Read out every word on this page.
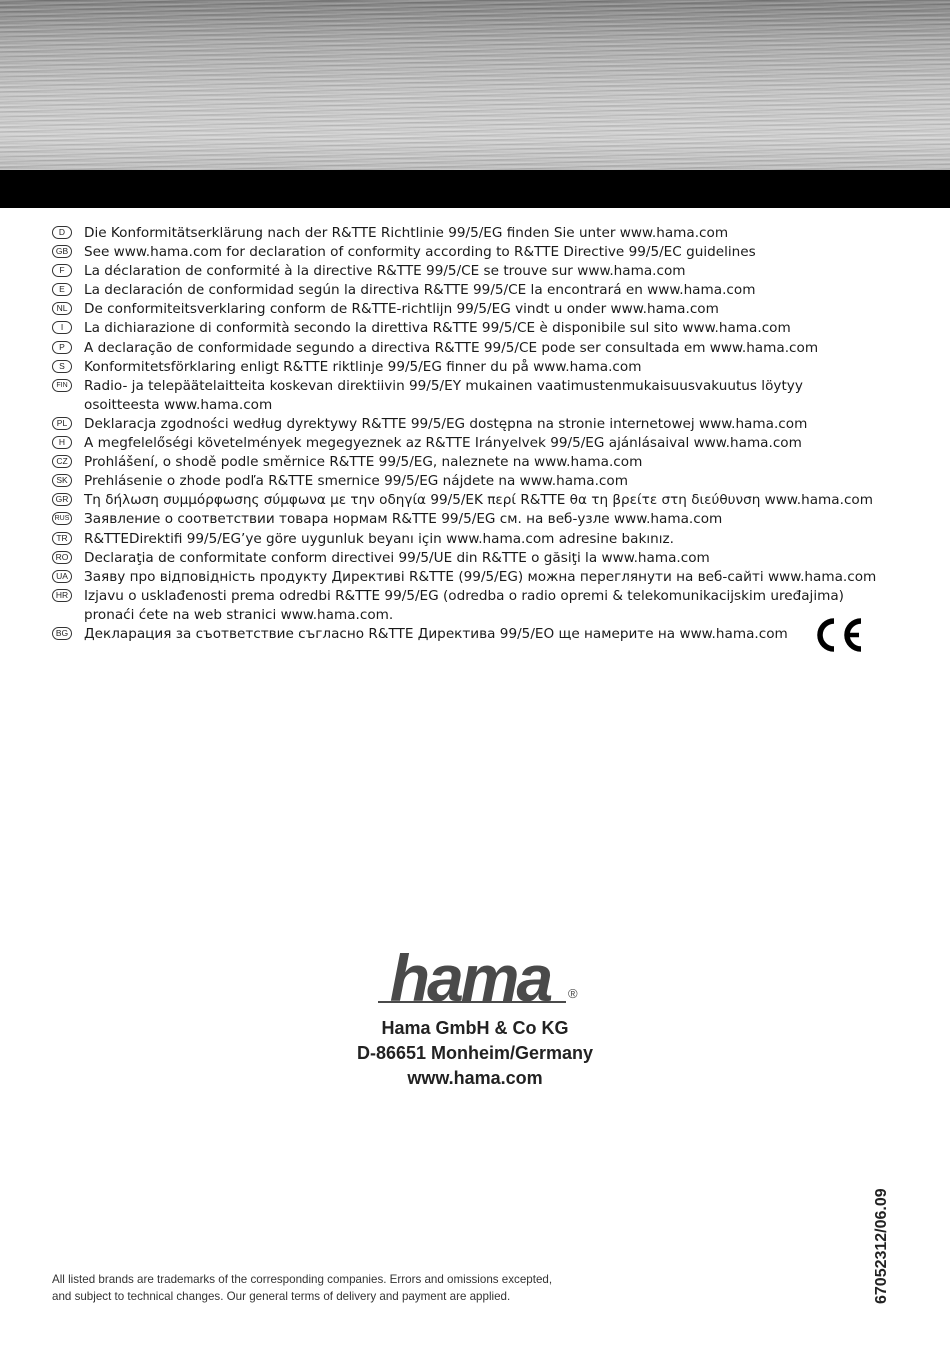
D	Die Konformitätserklärung nach der R&TTE Richtlinie 99/5/EG finden Sie unter www.hama.com
GB See www.hama.com for declaration of conformity according to R&TTE Directive 99/5/EC guidelines
F	La déclaration de conformité à la directive R&TTE 99/5/CE se trouve sur www.hama.com
E	La declaración de conformidad según la directiva R&TTE 99/5/CE la encontrará en www.hama.com
NL	De conformiteitsverklaring conform de R&TTE-richtlijn 99/5/EG vindt u onder www.hama.com
I	La dichiarazione di conformità secondo la direttiva R&TTE 99/5/CE è disponibile sul sito www.hama.com
P	A declaração de conformidade segundo a directiva R&TTE 99/5/CE pode ser consultada em www.hama.com
S	Konformitetsförklaring enligt R&TTE riktlinje 99/5/EG finner du på www.hama.com
FIN	Radio- ja telepäätelaitteita koskevan direktiivin 99/5/EY mukainen vaatimustenmukaisuusvakuutus löytyy osoitteesta www.hama.com
PL	Deklaracja zgodności według dyrektywy R&TTE 99/5/EG dostępna na stronie internetowej www.hama.com
H	A megfelelőségi követelmények megegyeznek az R&TTE Irányelvek 99/5/EG ajánlásaival www.hama.com
CZ	Prohlášení, o shodě podle směrnice R&TTE 99/5/EG, naleznete na www.hama.com
SK	Prehlásenie o zhode podľa R&TTE smernice 99/5/EG nájdete na www.hama.com
GR Tη δήλωση συμμόρφωσης σύμφωνα με την οδηγία 99/5/EK περί R&TTE θα τη βρείτε στη διεύθυνση www.hama.com
RUS Заявление о соответствии товара нормам R&TTE 99/5/EG см. на веб-узле www.hama.com
TR	R&TTEDirektifi 99/5/EG’ye göre uygunluk beyanı için www.hama.com adresine bakınız.
RO Declaraţia de conformitate conform directivei 99/5/UE din R&TTE o găsiţi la www.hama.com
UA	Заяву про відповідність продукту Директиві R&TTE (99/5/EG) можна переглянути на веб-сайті www.hama.com
HR Izjavu o usklađenosti prema odredbi R&TTE 99/5/EG (odredba o radio opremi & telekomunikacijskim uređajima) pronaći ćete na web stranici www.hama.com.
BG Декларация за съответствие съгласно R&TTE Директива 99/5/EО ще намерите на www.hama.com
hama ®
Hama GmbH & Co KG
D-86651 Monheim/Germany
www.hama.com
67052312/06.09
All listed brands are trademarks of the corresponding companies. Errors and omissions excepted,
and subject to technical changes. Our general terms of delivery and payment are applied.
